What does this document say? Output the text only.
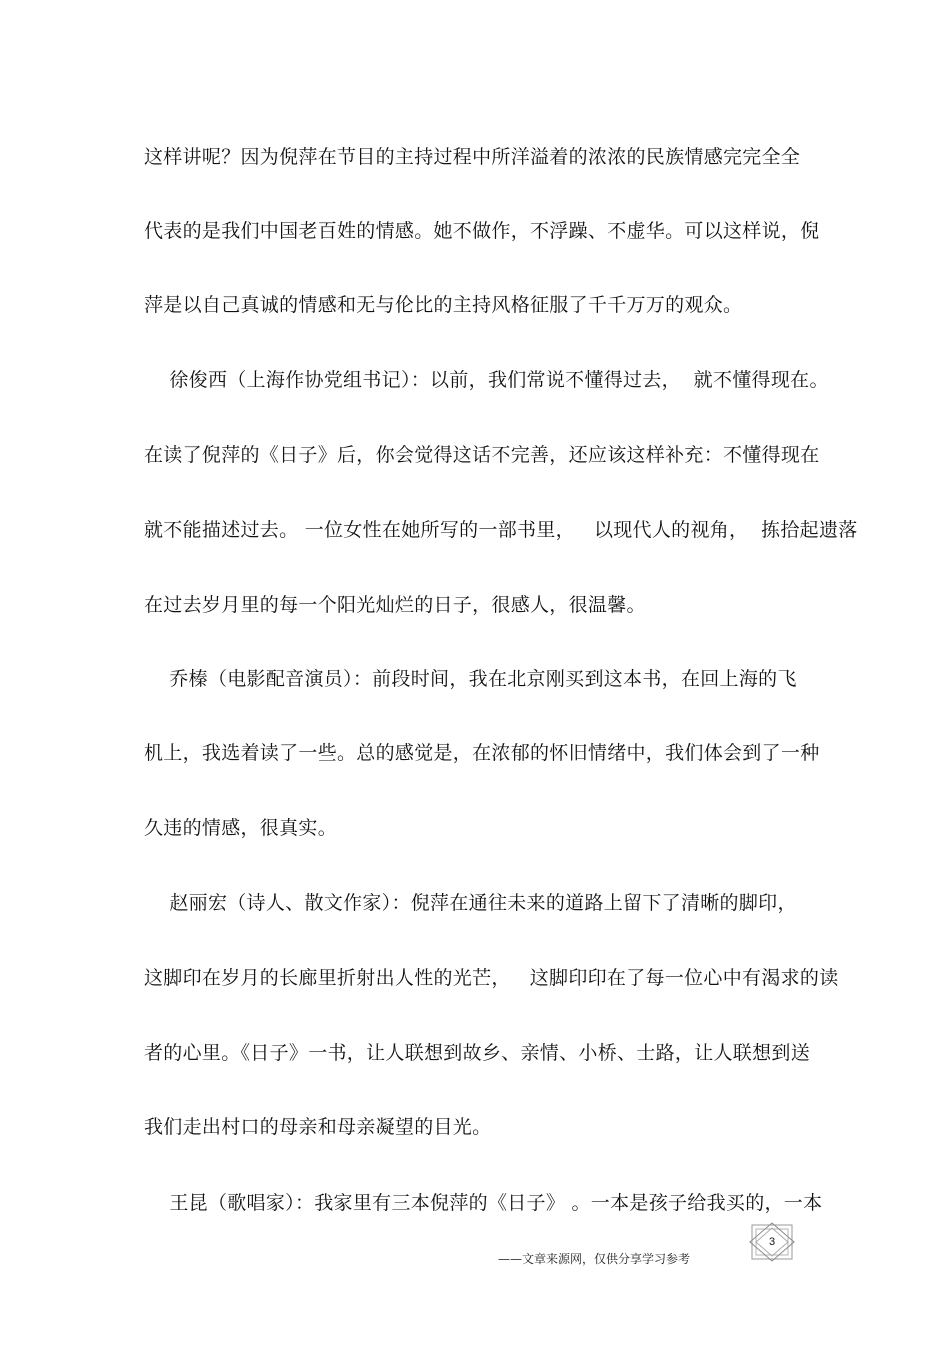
这样讲呢？因为倪萍在节目的主持过程中所洋溢着的浓浓的民族情感完完全全
代表的是我们中国老百姓的情感。她不做作，不浮躁、不虚华。可以这样说，倪
萍是以自己真诚的情感和无与伦比的主持风格征服了千千万万的观众。
徐俊西（上海作协党组书记）：以前，我们常说不懂得过去，  就不懂得现在。
在读了倪萍的《日子》后，你会觉得这话不完善，还应该这样补充：不懂得现在
就不能描述过去。 一位女性在她所写的一部书里，   以现代人的视角，  拣拾起遗落
在过去岁月里的每一个阳光灿烂的日子，很感人，很温馨。
乔榛（电影配音演员）：前段时间，我在北京刚买到这本书，在回上海的飞
机上，我选着读了一些。总的感觉是，在浓郁的怀旧情绪中，我们体会到了一种
久违的情感，很真实。
赵丽宏（诗人、散文作家）：倪萍在通往未来的道路上留下了清晰的脚印，
这脚印在岁月的长廊里折射出人性的光芒，   这脚印印在了每一位心中有渴求的读
者的心里。《日子》一书，让人联想到故乡、亲情、小桥、士路，让人联想到送
我们走出村口的母亲和母亲凝望的目光。
王昆（歌唱家）：我家里有三本倪萍的《日子》 。一本是孩子给我买的，一本
3
——文章来源网，仅供分享学习参考
